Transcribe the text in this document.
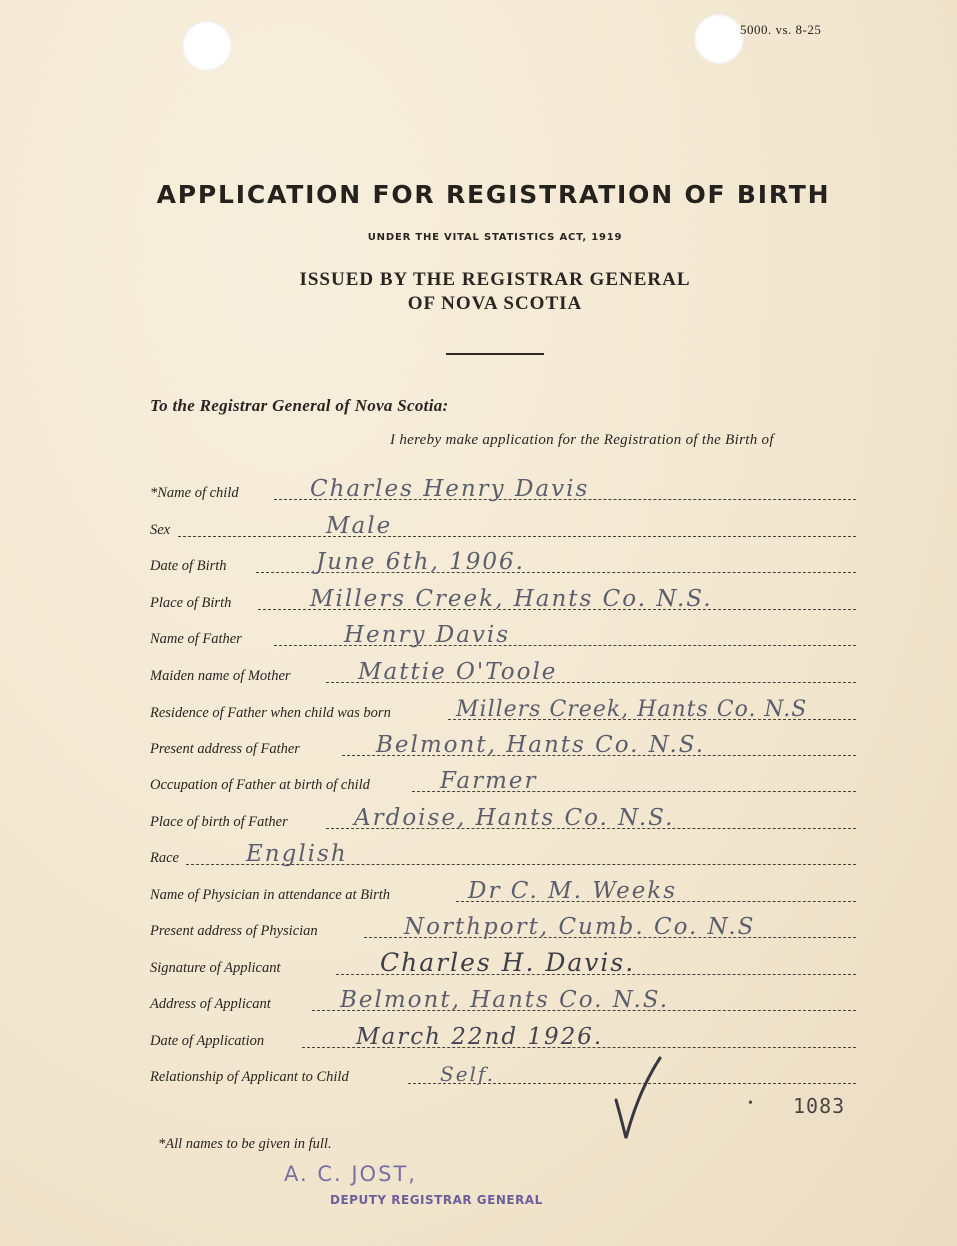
5000. vs. 8-25
APPLICATION FOR REGISTRATION OF BIRTH
UNDER THE VITAL STATISTICS ACT, 1919
ISSUED BY THE REGISTRAR GENERAL
OF NOVA SCOTIA
To the Registrar General of Nova Scotia:
I hereby make application for the Registration of the Birth of
*Name of child	Charles Henry Davis
Sex	Male
Date of Birth	June 6th, 1906.
Place of Birth	Millers Creek, Hants Co. N.S.
Name of Father	Henry Davis
Maiden name of Mother	Mattie O'Toole
Residence of Father when child was born	Millers Creek, Hants Co. N.S
Present address of Father	Belmont, Hants Co. N.S.
Occupation of Father at birth of child	Farmer
Place of birth of Father	Ardoise, Hants Co. N.S.
Race	English
Name of Physician in attendance at Birth	Dr C. M. Weeks
Present address of Physician	Northport, Cumb. Co. N.S
Signature of Applicant	Charles H. Davis.
Address of Applicant	Belmont, Hants Co. N.S.
Date of Application	March 22nd 1926.
Relationship of Applicant to Child	Self.
• 1083
*All names to be given in full.
A. C. JOST,
DEPUTY REGISTRAR GENERAL
